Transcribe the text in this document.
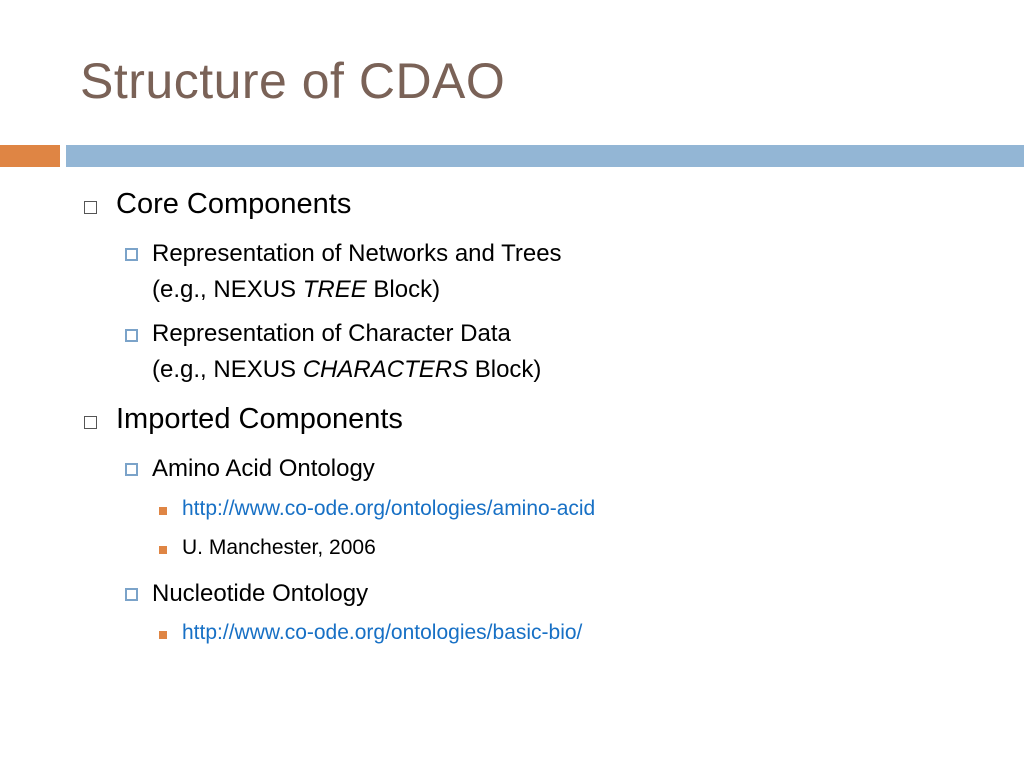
Structure of CDAO
Core Components
Representation of Networks and Trees
(e.g., NEXUS TREE Block)
Representation of Character Data
(e.g., NEXUS CHARACTERS Block)
Imported Components
Amino Acid Ontology
http://www.co-ode.org/ontologies/amino-acid
U. Manchester, 2006
Nucleotide Ontology
http://www.co-ode.org/ontologies/basic-bio/
